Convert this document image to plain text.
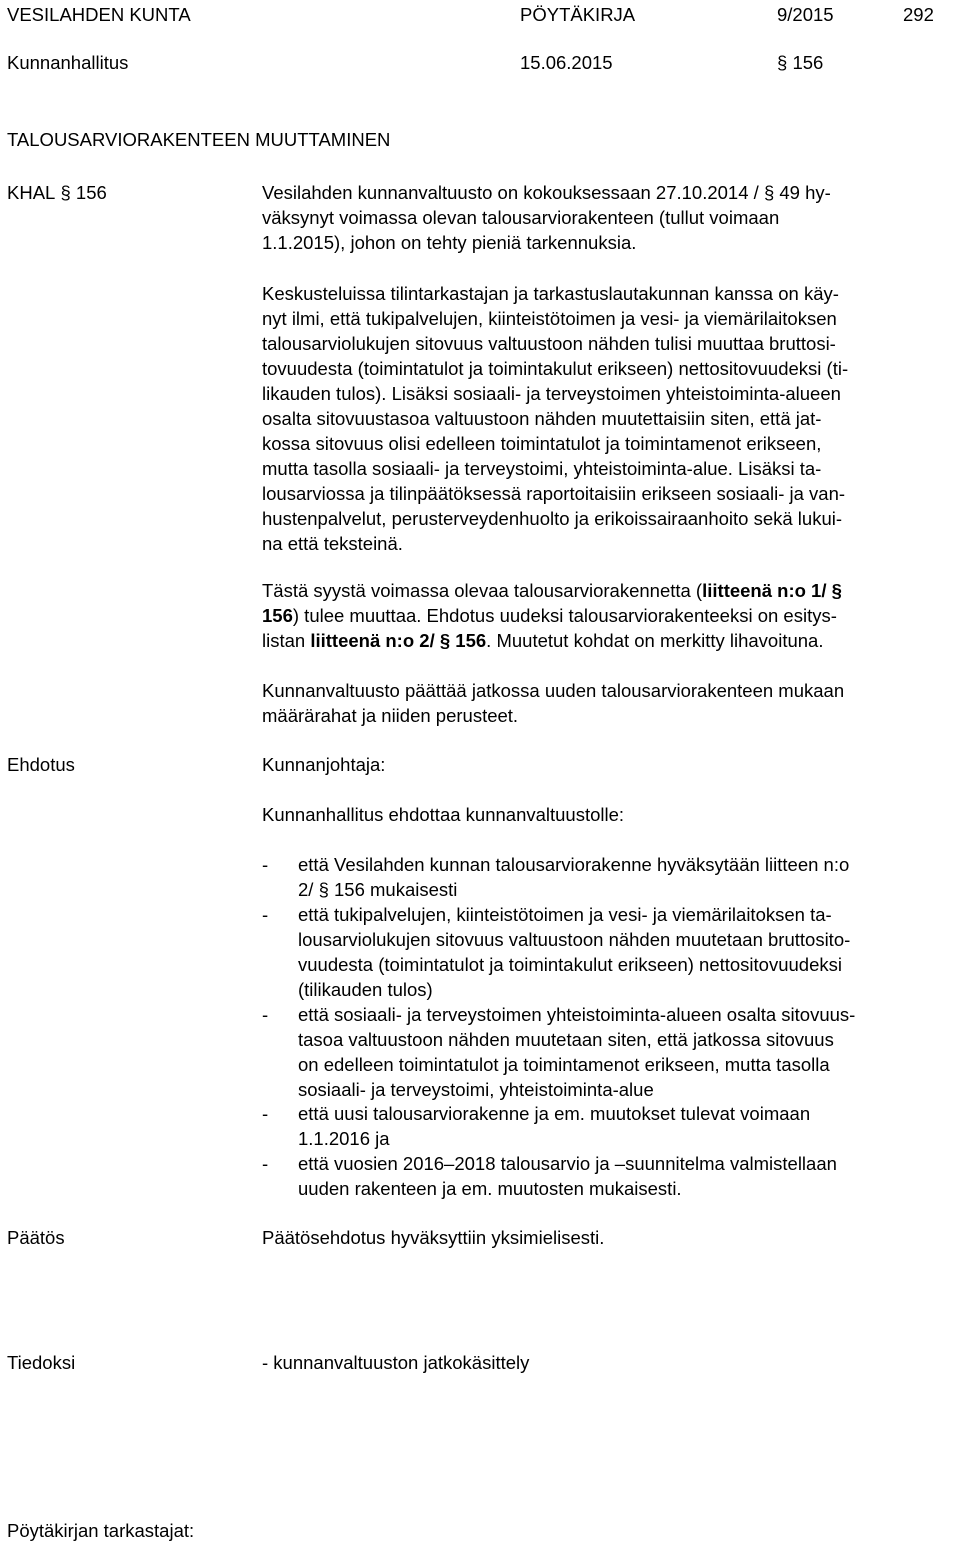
VESILAHDEN KUNTA	PÖYTÄKIRJA	9/2015	292
Kunnanhallitus	15.06.2015	§ 156
TALOUSARVIORAKENTEEN MUUTTAMINEN
KHAL § 156	Vesilahden kunnanvaltuusto on kokouksessaan 27.10.2014 / § 49 hy-
väksynyt voimassa olevan talousarviorakenteen (tullut voimaan
1.1.2015), johon on tehty pieniä tarkennuksia.
Keskusteluissa tilintarkastajan ja tarkastuslautakunnan kanssa on käy-
nyt ilmi, että tukipalvelujen, kiinteistötoimen ja vesi- ja viemärilaitoksen
talousarviolukujen sitovuus valtuustoon nähden tulisi muuttaa bruttosi-
tovuudesta (toimintatulot ja toimintakulut erikseen) nettositovuudeksi (ti-
likauden tulos). Lisäksi sosiaali- ja terveystoimen yhteistoiminta-alueen
osalta sitovuustasoa valtuustoon nähden muutettaisiin siten, että jat-
kossa sitovuus olisi edelleen toimintatulot ja toimintamenot erikseen,
mutta tasolla sosiaali- ja terveystoimi, yhteistoiminta-alue. Lisäksi ta-
lousarviossa ja tilinpäätöksessä raportoitaisiin erikseen sosiaali- ja van-
hustenpalvelut, perusterveydenhuolto ja erikoissairaanhoito sekä lukui-
na että teksteinä.
Tästä syystä voimassa olevaa talousarviorakennetta (liitteenä n:o 1/ §
156) tulee muuttaa. Ehdotus uudeksi talousarviorakenteeksi on esitys-
listan liitteenä n:o 2/ § 156. Muutetut kohdat on merkitty lihavoituna.
Kunnanvaltuusto päättää jatkossa uuden talousarviorakenteen mukaan
määrärahat ja niiden perusteet.
Ehdotus	Kunnanjohtaja:
Kunnanhallitus ehdottaa kunnanvaltuustolle:
- että Vesilahden kunnan talousarviorakenne hyväksytään liitteen n:o
2/ § 156 mukaisesti
- että tukipalvelujen, kiinteistötoimen ja vesi- ja viemärilaitoksen ta-
lousarviolukujen sitovuus valtuustoon nähden muutetaan bruttosito-
vuudesta (toimintatulot ja toimintakulut erikseen) nettositovuudeksi
(tilikauden tulos)
- että sosiaali- ja terveystoimen yhteistoiminta-alueen osalta sitovuus-
tasoa valtuustoon nähden muutetaan siten, että jatkossa sitovuus
on edelleen toimintatulot ja toimintamenot erikseen, mutta tasolla
sosiaali- ja terveystoimi, yhteistoiminta-alue
- että uusi talousarviorakenne ja em. muutokset tulevat voimaan
1.1.2016 ja
- että vuosien 2016–2018 talousarvio ja –suunnitelma valmistellaan
uuden rakenteen ja em. muutosten mukaisesti.
Päätös	Päätösehdotus hyväksyttiin yksimielisesti.
Tiedoksi	- kunnanvaltuuston jatkokäsittely
Pöytäkirjan tarkastajat:
